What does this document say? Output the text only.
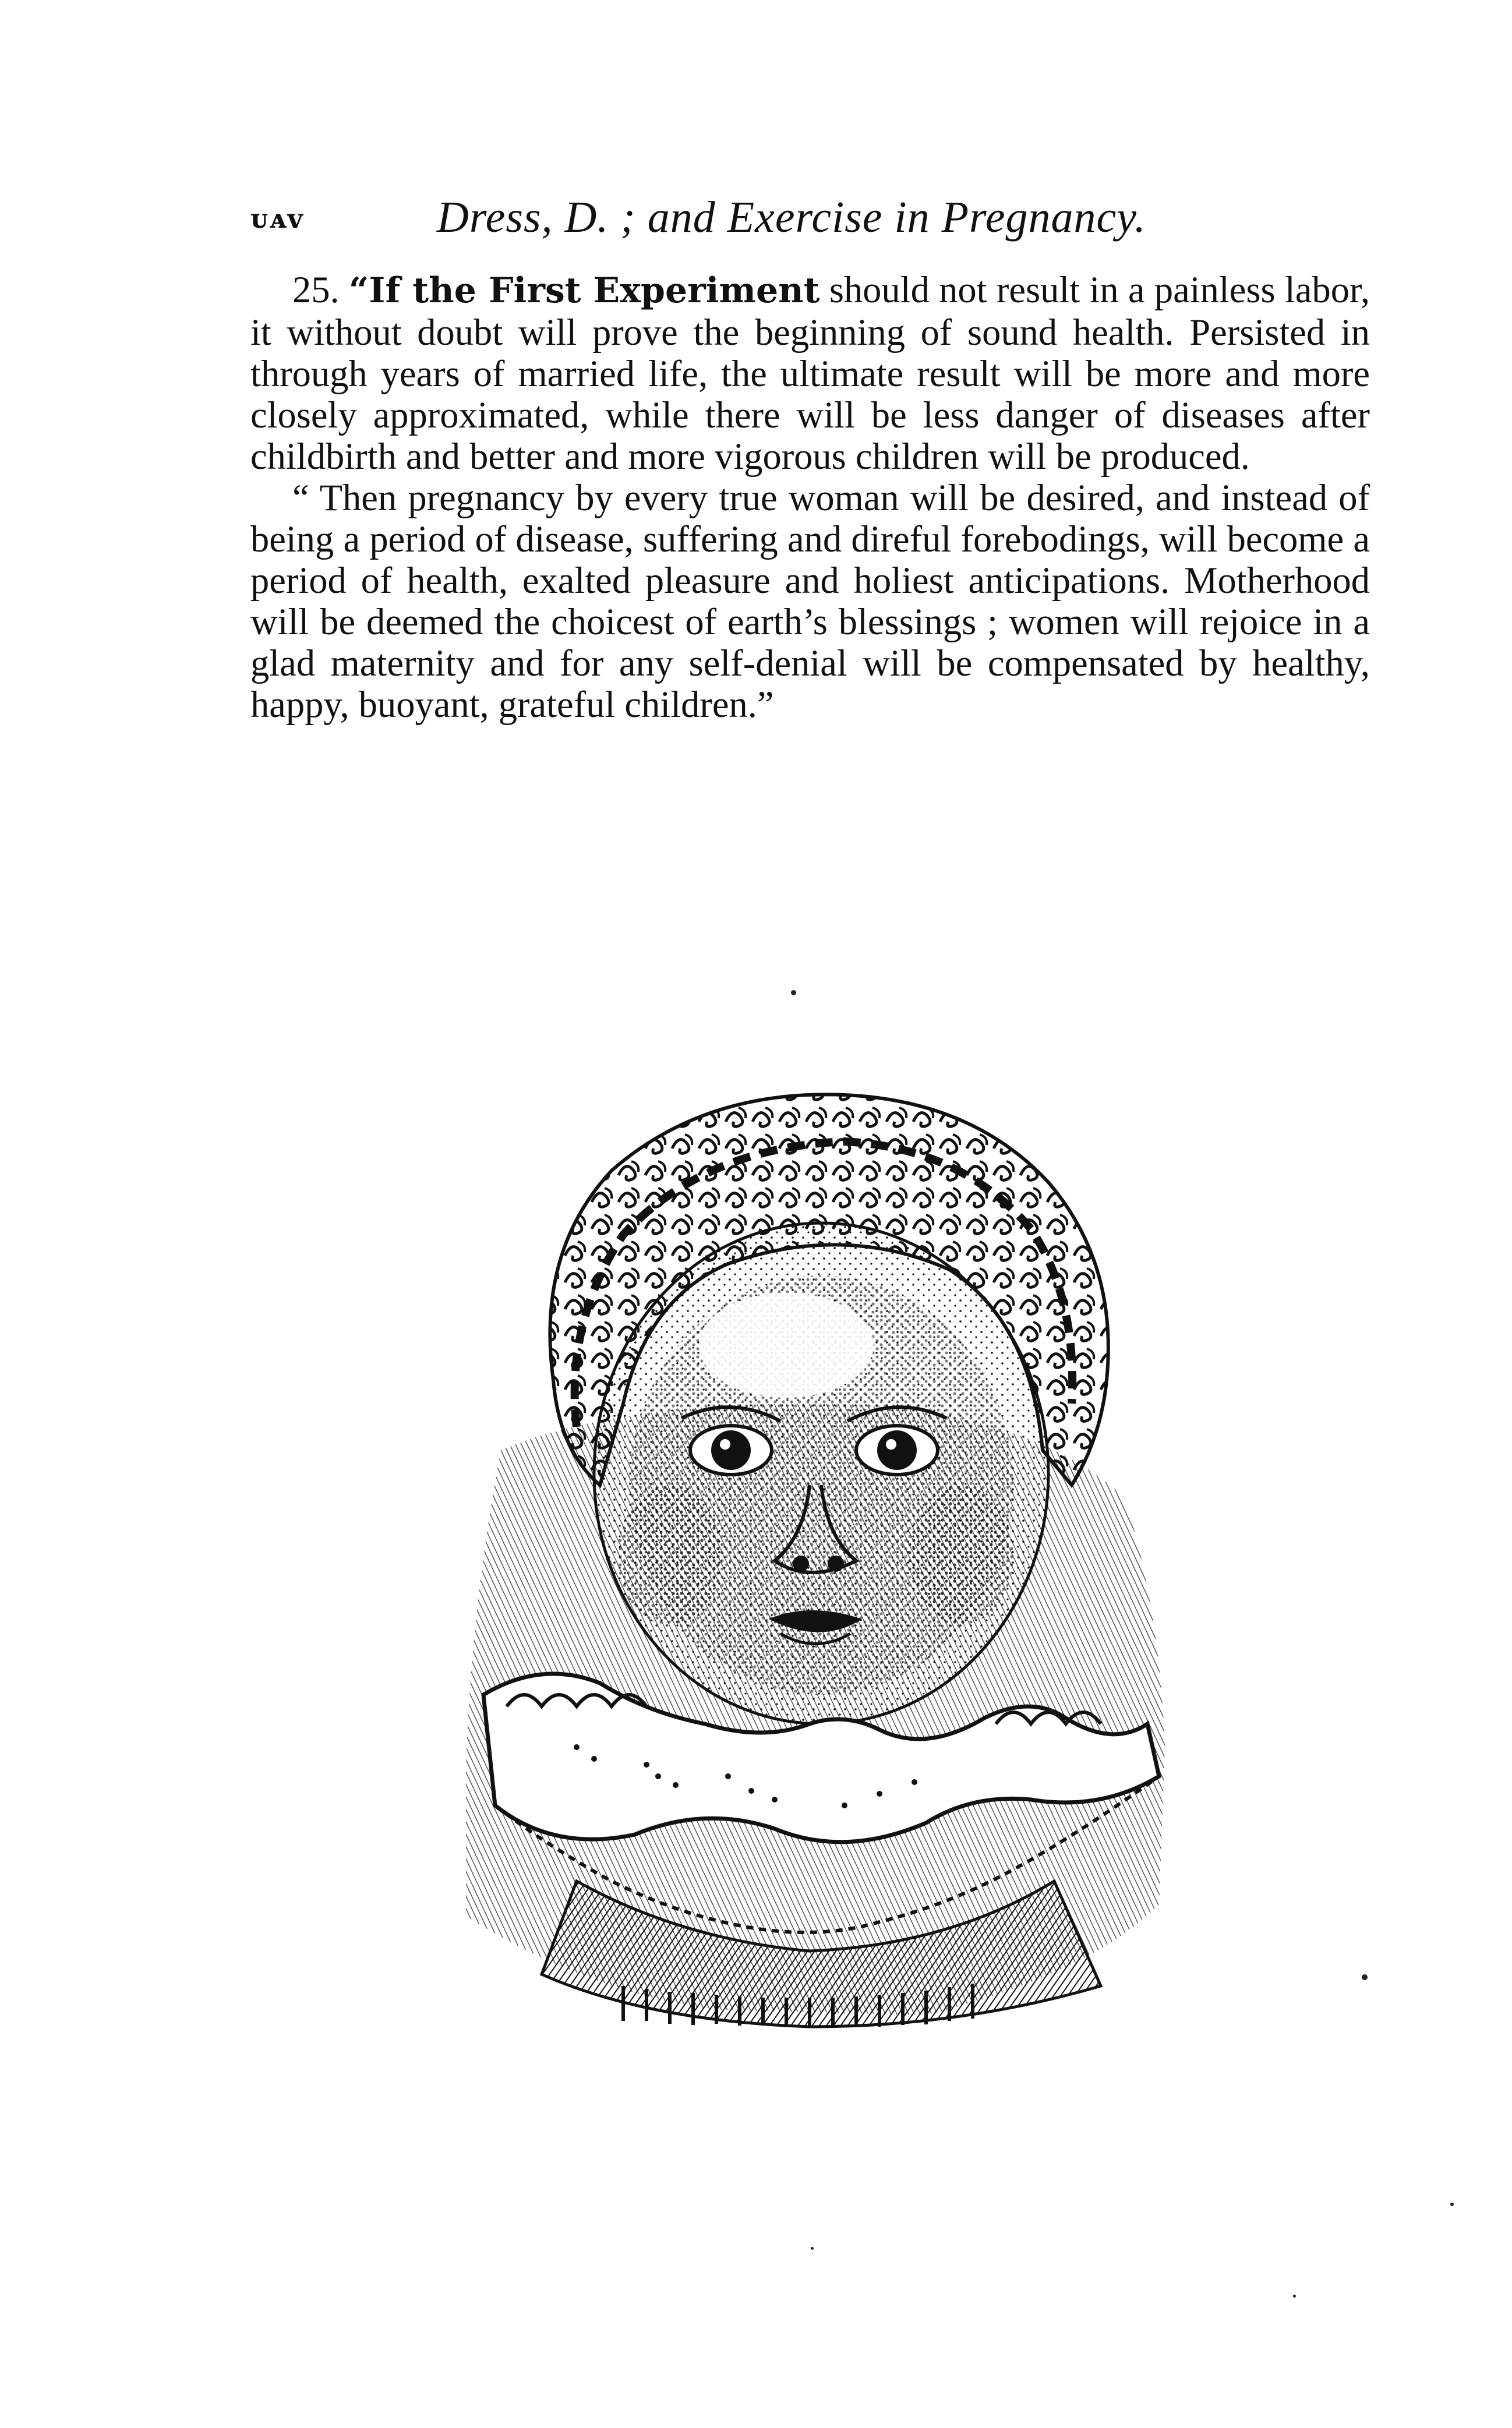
ᴜᴀᴠ	Dress, D. ; and Exercise in Pregnancy.

25. “If the First Experiment should not result in a painless labor, it without doubt will prove the beginning of sound health. Persisted in through years of married life, the ultimate result will be more and more closely approximated, while there will be less danger of diseases after childbirth and better and more vigorous children will be produced.

“ Then pregnancy by every true woman will be desired, and instead of being a period of disease, suffering and direful forebodings, will become a period of health, exalted pleasure and holiest anticipations. Motherhood will be deemed the choicest of earth’s blessings ; women will rejoice in a glad maternity and for any self-denial will be compensated by healthy, happy, buoyant, grateful children.”
